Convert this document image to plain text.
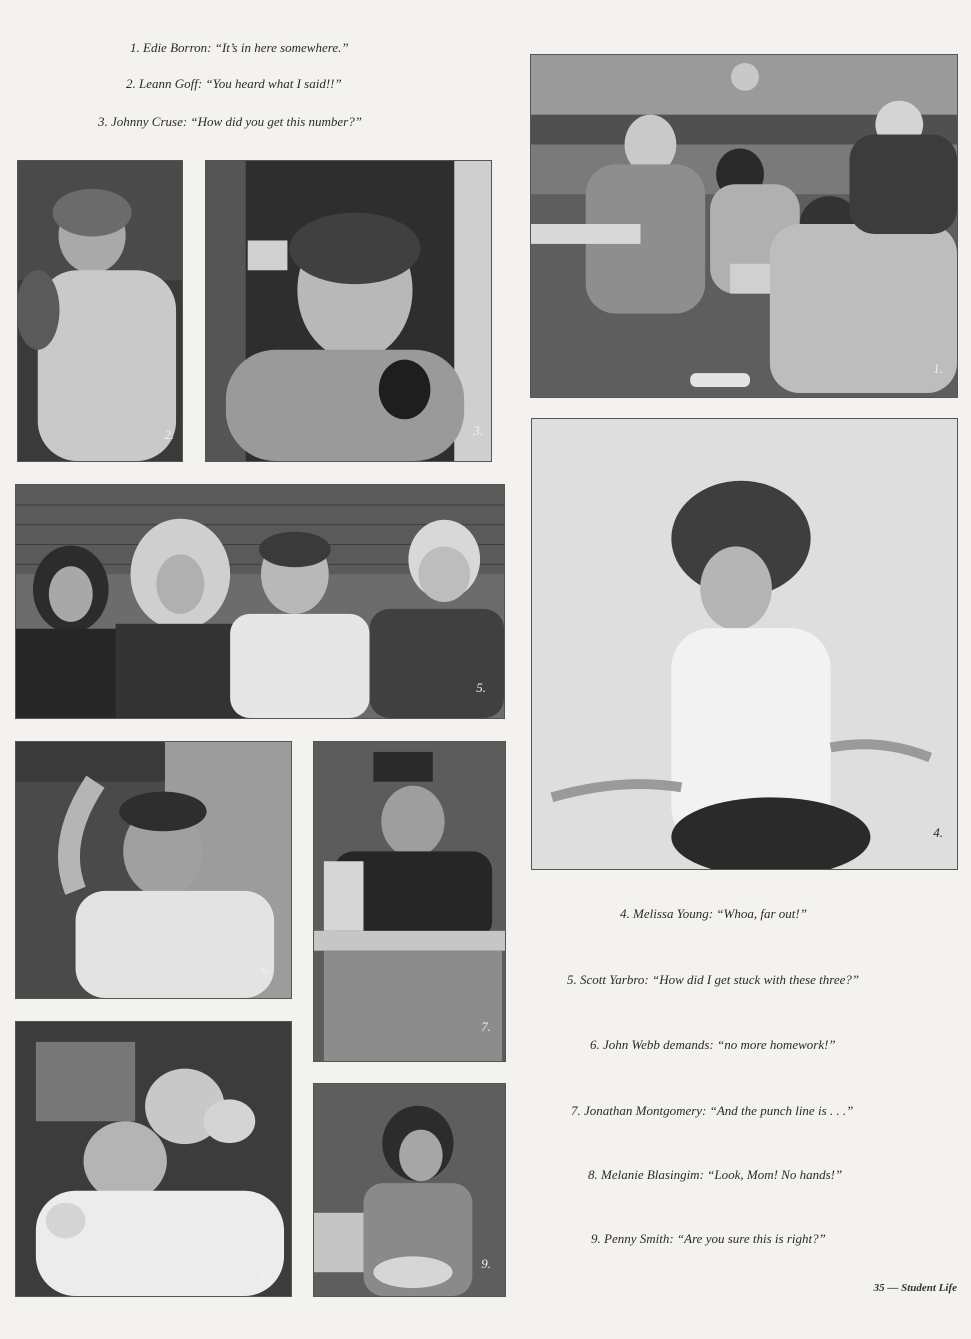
1. Edie Borron: “It’s in here somewhere.”
2. Leann Goff: “You heard what I said!!”
3. Johnny Cruse: “How did you get this number?”
1.
2.	3.
4.
5.
6.
7.
8.
9.
4. Melissa Young: “Whoa, far out!”
5. Scott Yarbro: “How did I get stuck with these three?”
6. John Webb demands: “no more homework!”
7. Jonathan Montgomery: “And the punch line is . . .”
8. Melanie Blasingim: “Look, Mom! No hands!”
9. Penny Smith: “Are you sure this is right?”
35 — Student Life
